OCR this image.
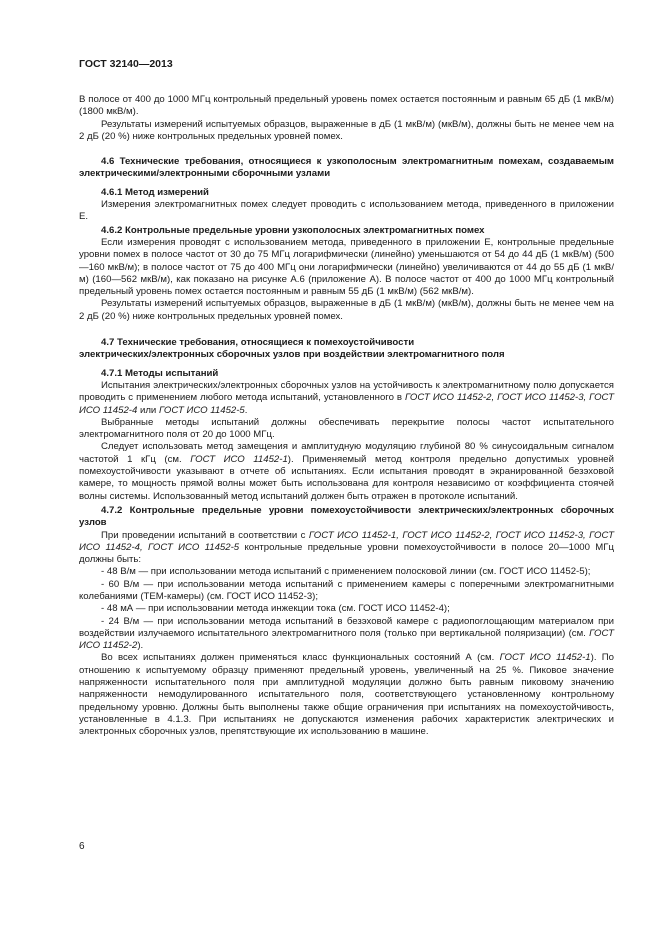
ГОСТ 32140—2013

В полосе от 400 до 1000 МГц контрольный предельный уровень помех остается постоянным и равным 65 дБ (1 мкВ/м) (1800 мкВ/м).

Результаты измерений испытуемых образцов, выраженные в дБ (1 мкВ/м) (мкВ/м), должны быть не менее чем на 2 дБ (20 %) ниже контрольных предельных уровней помех.

4.6 Технические требования, относящиеся к узкополосным электромагнитным помехам, создаваемым электрическими/электронными сборочными узлами

4.6.1 Метод измерений

Измерения электромагнитных помех следует проводить с использованием метода, приведенного в приложении Е.

4.6.2 Контрольные предельные уровни узкополосных электромагнитных помех

Если измерения проводят с использованием метода, приведенного в приложении Е, контрольные предельные уровни помех в полосе частот от 30 до 75 МГц логарифмически (линейно) уменьшаются от 54 до 44 дБ (1 мкВ/м) (500—160 мкВ/м); в полосе частот от 75 до 400 МГц они логарифмически (линейно) увеличиваются от 44 до 55 дБ (1 мкВ/м) (160—562 мкВ/м), как показано на рисунке А.6 (приложение А). В полосе частот от 400 до 1000 МГц контрольный предельный уровень помех остается постоянным и равным 55 дБ (1 мкВ/м) (562 мкВ/м).

Результаты измерений испытуемых образцов, выраженные в дБ (1 мкВ/м) (мкВ/м), должны быть не менее чем на 2 дБ (20 %) ниже контрольных предельных уровней помех.

4.7 Технические требования, относящиеся к помехоустойчивости
электрических/электронных сборочных узлов при воздействии электромагнитного поля

4.7.1 Методы испытаний

Испытания электрических/электронных сборочных узлов на устойчивость к электромагнитному полю допускается проводить с применением любого метода испытаний, установленного в ГОСТ ИСО 11452-2, ГОСТ ИСО 11452-3, ГОСТ ИСО 11452-4 или ГОСТ ИСО 11452-5.

Выбранные методы испытаний должны обеспечивать перекрытие полосы частот испытательного электромагнитного поля от 20 до 1000 МГц.

Следует использовать метод замещения и амплитудную модуляцию глубиной 80 % синусоидальным сигналом частотой 1 кГц (см. ГОСТ ИСО 11452-1). Применяемый метод контроля предельно допустимых уровней помехоустойчивости указывают в отчете об испытаниях. Если испытания проводят в экранированной безэховой камере, то мощность прямой волны может быть использована для контроля независимо от коэффициента стоячей волны системы. Использованный метод испытаний должен быть отражен в протоколе испытаний.

4.7.2 Контрольные предельные уровни помехоустойчивости электрических/электронных сборочных узлов

При проведении испытаний в соответствии с ГОСТ ИСО 11452-1, ГОСТ ИСО 11452-2, ГОСТ ИСО 11452-3, ГОСТ ИСО 11452-4, ГОСТ ИСО 11452-5 контрольные предельные уровни помехоустойчивости в полосе 20—1000 МГц должны быть:

- 48 В/м — при использовании метода испытаний с применением полосковой линии (см. ГОСТ ИСО 11452-5);

- 60 В/м — при использовании метода испытаний с применением камеры с поперечными электромагнитными колебаниями (ТЕМ-камеры) (см. ГОСТ ИСО 11452-3);

- 48 мА — при использовании метода инжекции тока (см. ГОСТ ИСО 11452-4);

- 24 В/м — при использовании метода испытаний в безэховой камере с радиопоглощающим материалом при воздействии излучаемого испытательного электромагнитного поля (только при вертикальной поляризации) (см. ГОСТ ИСО 11452-2).

Во всех испытаниях должен применяться класс функциональных состояний А (см. ГОСТ ИСО 11452-1). По отношению к испытуемому образцу применяют предельный уровень, увеличенный на 25 %. Пиковое значение напряженности испытательного поля при амплитудной модуляции должно быть равным пиковому значению напряженности немодулированного испытательного поля, соответствующего установленному контрольному предельному уровню. Должны быть выполнены также общие ограничения при испытаниях на помехоустойчивость, установленные в 4.1.3. При испытаниях не допускаются изменения рабочих характеристик электрических и электронных сборочных узлов, препятствующие их использованию в машине.

6
